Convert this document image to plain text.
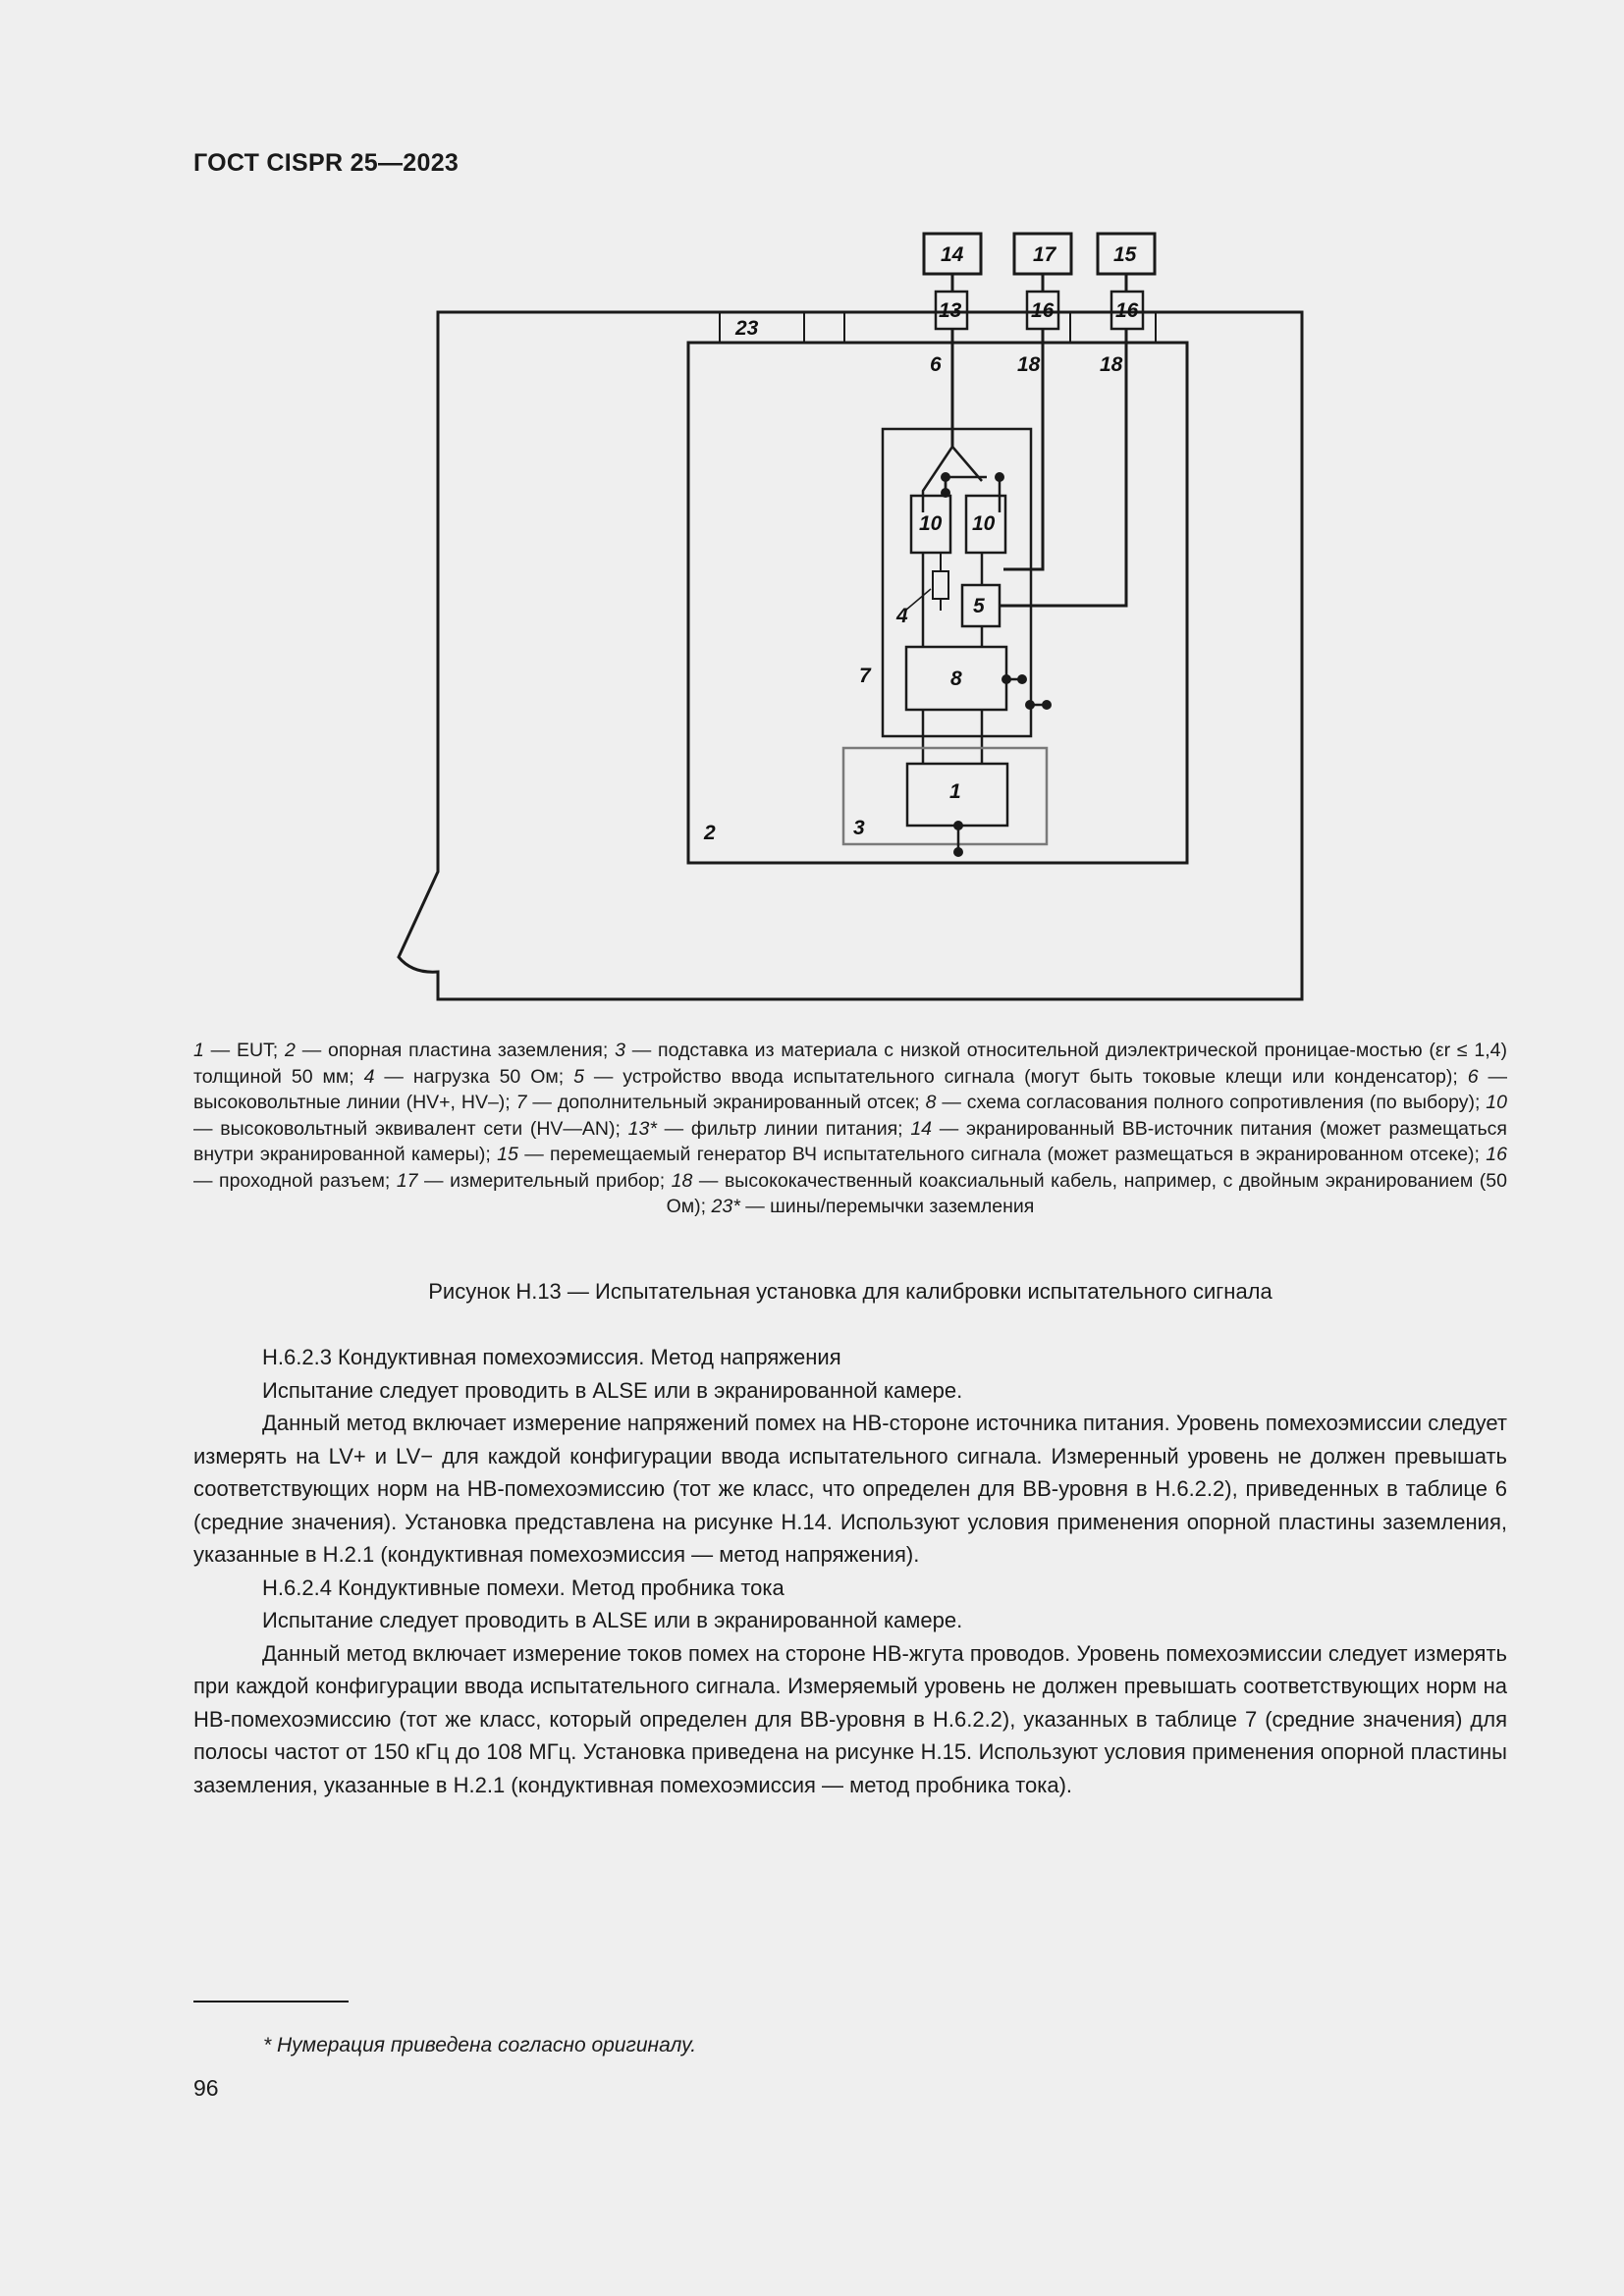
ГОСТ CISPR 25—2023
14	17	15
13	16	16
23
6	18	18
10 10
4	5
7	8
1
2	3

1 — EUT; 2 — опорная пластина заземления; 3 — подставка из материала с низкой относительной диэлектрической проницае-мостью (εr ≤ 1,4) толщиной 50 мм; 4 — нагрузка 50 Ом; 5 — устройство ввода испытательного сигнала (могут быть токовые клещи или конденсатор); 6 — высоковольтные линии (HV+, HV–); 7 — дополнительный экранированный отсек; 8 — схема согласования полного сопротивления (по выбору); 10 — высоковольтный эквивалент сети (HV—AN); 13* — фильтр линии питания; 14 — экранированный ВВ-источник питания (может размещаться внутри экранированной камеры); 15 — перемещаемый генератор ВЧ испытательного сигнала (может размещаться в экранированном отсеке); 16 — проходной разъем; 17 — измерительный прибор; 18 — высококачественный коаксиальный кабель, например, с двойным экранированием (50 Ом); 23* — шины/перемычки заземления

Рисунок H.13 — Испытательная установка для калибровки испытательного сигнала

H.6.2.3 Кондуктивная помехоэмиссия. Метод напряжения

Испытание следует проводить в ALSE или в экранированной камере.

Данный метод включает измерение напряжений помех на НВ-стороне источника питания. Уровень помехоэмиссии следует измерять на LV+ и LV− для каждой конфигурации ввода испытательного сигнала. Измеренный уровень не должен превышать соответствующих норм на НВ-помехоэмиссию (тот же класс, что определен для ВВ-уровня в H.6.2.2), приведенных в таблице 6 (средние значения). Установка представлена на рисунке H.14. Используют условия применения опорной пластины заземления, указанные в H.2.1 (кондуктивная помехоэмиссия — метод напряжения).

H.6.2.4 Кондуктивные помехи. Метод пробника тока

Испытание следует проводить в ALSE или в экранированной камере.

Данный метод включает измерение токов помех на стороне НВ-жгута проводов. Уровень помехоэмиссии следует измерять при каждой конфигурации ввода испытательного сигнала. Измеряемый уровень не должен превышать соответствующих норм на НВ-помехоэмиссию (тот же класс, который определен для ВВ-уровня в H.6.2.2), указанных в таблице 7 (средние значения) для полосы частот от 150 кГц до 108 МГц. Установка приведена на рисунке H.15. Используют условия применения опорной пластины заземления, указанные в H.2.1 (кондуктивная помехоэмиссия — метод пробника тока).

* Нумерация приведена согласно оригиналу.
96
